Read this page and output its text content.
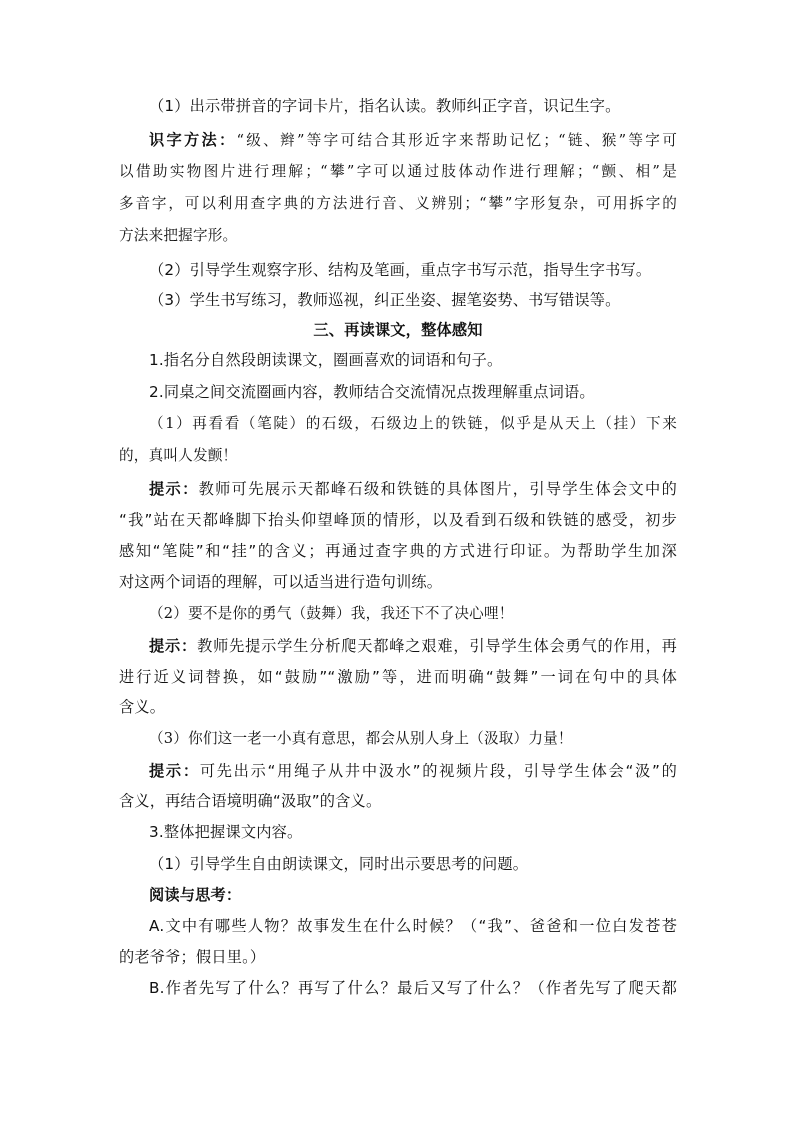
（1）出示带拼音的字词卡片，指名认读。教师纠正字音，识记生字。
识字方法：“级、辫”等字可结合其形近字来帮助记忆；“链、猴”等字可
以借助实物图片进行理解；“攀”字可以通过肢体动作进行理解；“颤、相”是
多音字，可以利用查字典的方法进行音、义辨别；“攀”字形复杂，可用拆字的
方法来把握字形。
（2）引导学生观察字形、结构及笔画，重点字书写示范，指导生字书写。
（3）学生书写练习，教师巡视，纠正坐姿、握笔姿势、书写错误等。
三、再读课文，整体感知
1.指名分自然段朗读课文，圈画喜欢的词语和句子。
2.同桌之间交流圈画内容，教师结合交流情况点拨理解重点词语。
（1）再看看（笔陡）的石级，石级边上的铁链，似乎是从天上（挂）下来
的，真叫人发颤！
提示：教师可先展示天都峰石级和铁链的具体图片，引导学生体会文中的
“我”站在天都峰脚下抬头仰望峰顶的情形，以及看到石级和铁链的感受，初步
感知“笔陡”和“挂”的含义；再通过查字典的方式进行印证。为帮助学生加深
对这两个词语的理解，可以适当进行造句训练。
（2）要不是你的勇气（鼓舞）我，我还下不了决心哩！
提示：教师先提示学生分析爬天都峰之艰难，引导学生体会勇气的作用，再
进行近义词替换，如“鼓励”“激励”等，进而明确“鼓舞”一词在句中的具体
含义。
（3）你们这一老一小真有意思，都会从别人身上（汲取）力量！
提示：可先出示“用绳子从井中汲水”的视频片段，引导学生体会“汲”的
含义，再结合语境明确“汲取”的含义。
3.整体把握课文内容。
（1）引导学生自由朗读课文，同时出示要思考的问题。
阅读与思考：
A.文中有哪些人物？故事发生在什么时候？（“我”、爸爸和一位白发苍苍
的老爷爷；假日里。）
B.作者先写了什么？再写了什么？最后又写了什么？（作者先写了爬天都
